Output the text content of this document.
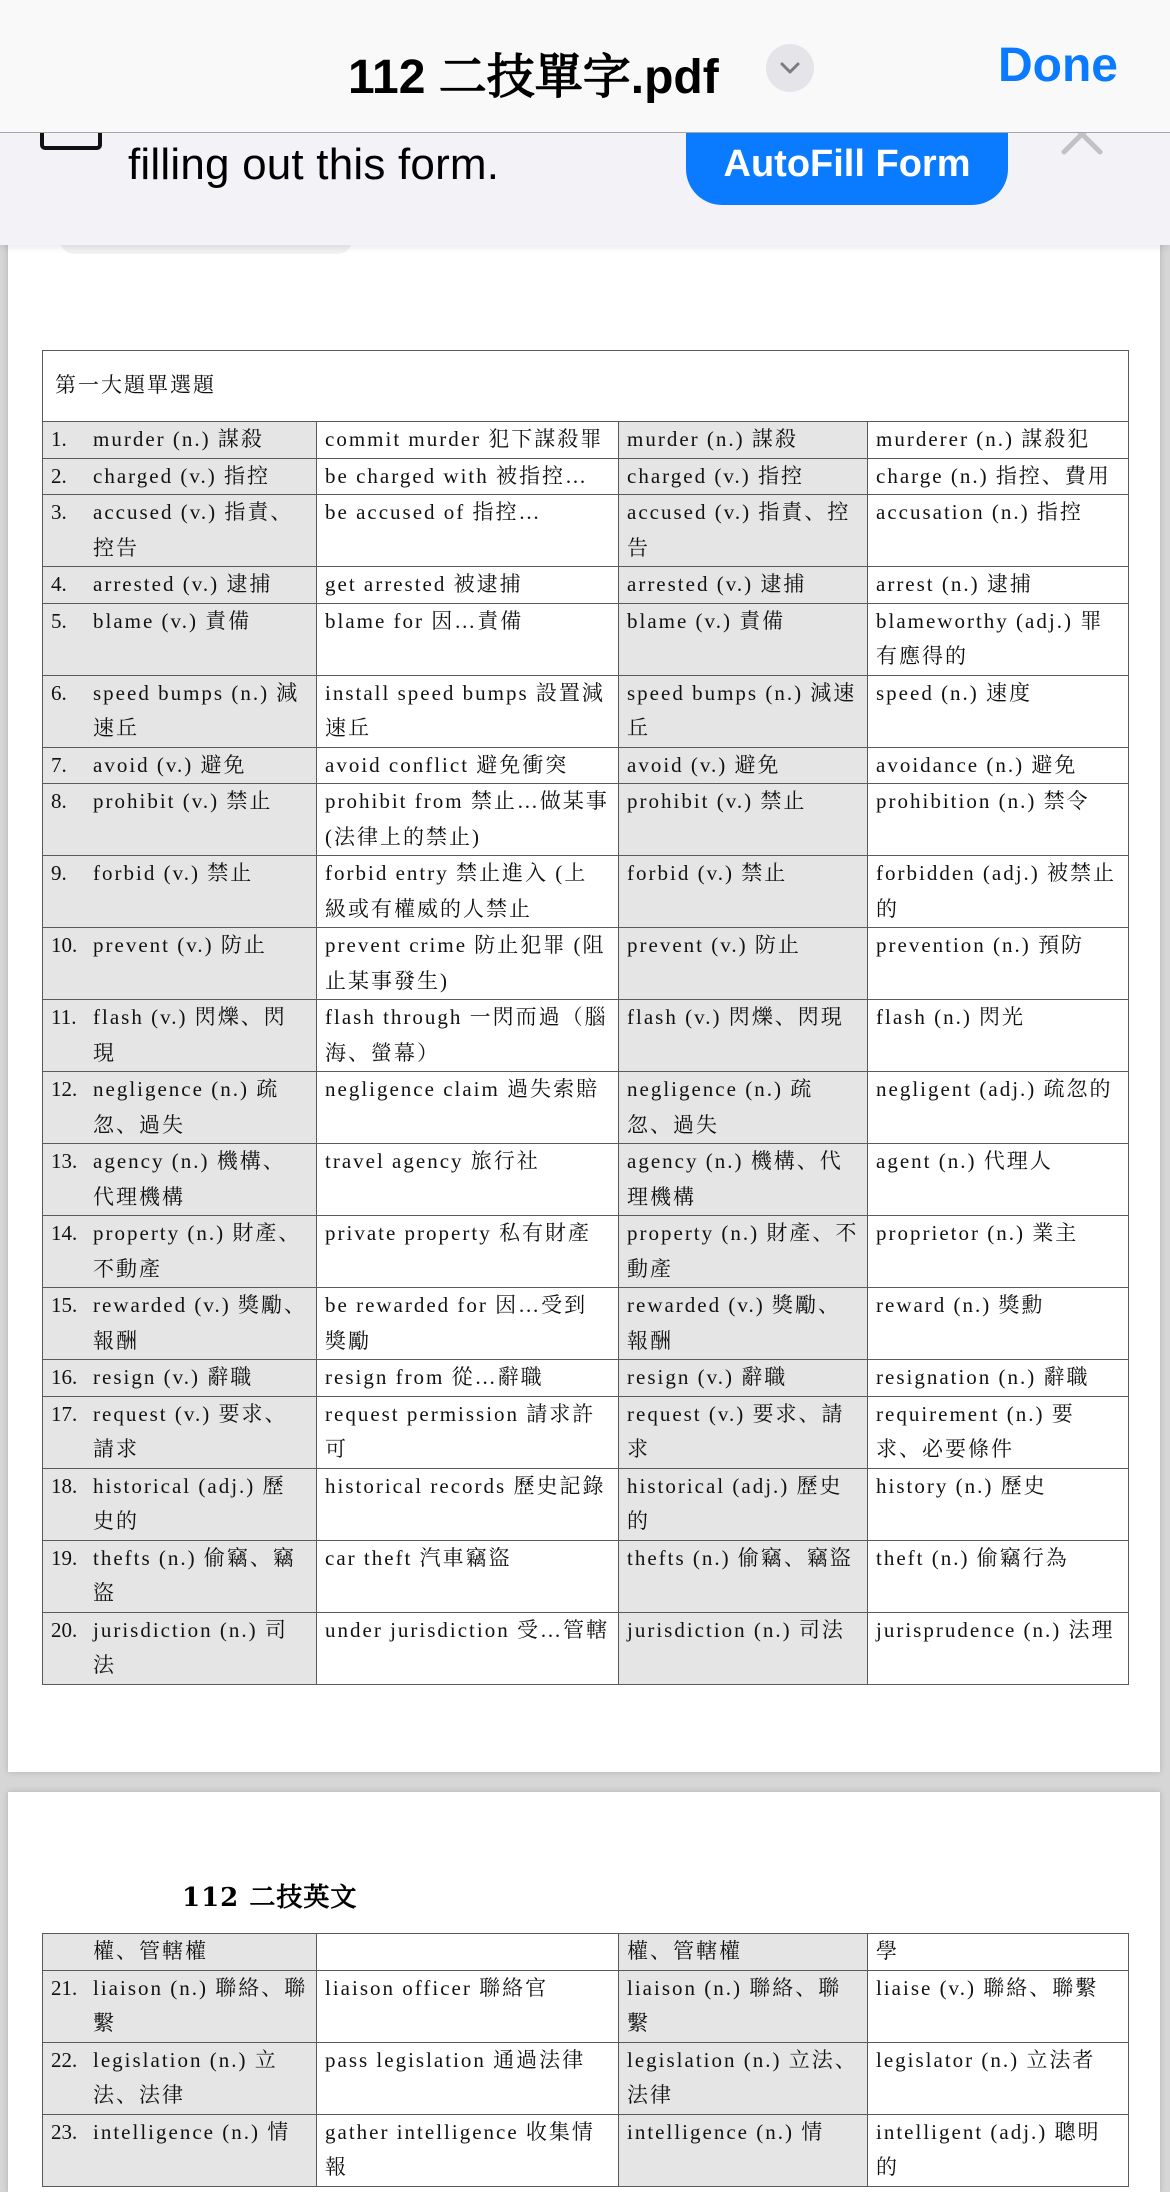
第一大題單選題			

1. murder (n.) 謀殺	commit murder 犯下謀殺罪	murder (n.) 謀殺	murderer (n.) 謀殺犯

2. charged (v.) 指控	be charged with 被指控…	charged (v.) 指控	charge (n.) 指控、費用

3. accused (v.) 指責、控告	be accused of 指控…	accused (v.) 指責、控告	accusation (n.) 指控

4. arrested (v.) 逮捕	get arrested 被逮捕	arrested (v.) 逮捕	arrest (n.) 逮捕

5. blame (v.) 責備	blame for 因…責備	blame (v.) 責備	blameworthy (adj.) 罪有應得的

6. speed bumps (n.) 減速丘	install speed bumps 設置減速丘	speed bumps (n.) 減速丘	speed (n.) 速度

7. avoid (v.) 避免	avoid conflict 避免衝突	avoid (v.) 避免	avoidance (n.) 避免

8. prohibit (v.) 禁止	prohibit from 禁止…做某事 (法律上的禁止)	prohibit (v.) 禁止	prohibition (n.) 禁令

9. forbid (v.) 禁止	forbid entry 禁止進入 (上級或有權威的人禁止	forbid (v.) 禁止	forbidden (adj.) 被禁止的

10. prevent (v.) 防止	prevent crime 防止犯罪 (阻止某事發生)	prevent (v.) 防止	prevention (n.) 預防

11. flash (v.) 閃爍、閃現	flash through 一閃而過（腦海、螢幕）	flash (v.) 閃爍、閃現	flash (n.) 閃光

12. negligence (n.) 疏忽、過失	negligence claim 過失索賠	negligence (n.) 疏忽、過失	negligent (adj.) 疏忽的

13. agency (n.) 機構、代理機構	travel agency 旅行社	agency (n.) 機構、代理機構	agent (n.) 代理人

14. property (n.) 財產、不動產	private property 私有財產	property (n.) 財產、不動產	proprietor (n.) 業主

15. rewarded (v.) 獎勵、報酬	be rewarded for 因…受到獎勵	rewarded (v.) 獎勵、報酬	reward (n.) 獎勳

16. resign (v.) 辭職	resign from 從…辭職	resign (v.) 辭職	resignation (n.) 辭職

17. request (v.) 要求、請求	request permission 請求許可	request (v.) 要求、請求	requirement (n.) 要求、必要條件

18. historical (adj.) 歷史的	historical records 歷史記錄	historical (adj.) 歷史的	history (n.) 歷史

19. thefts (n.) 偷竊、竊盜	car theft 汽車竊盜	thefts (n.) 偷竊、竊盜	theft (n.) 偷竊行為

20. jurisdiction (n.) 司法	under jurisdiction 受…管轄	jurisdiction (n.) 司法	jurisprudence (n.) 法理
112 二技英文
權、管轄權		權、管轄權	學

21. liaison (n.) 聯絡、聯繫	liaison officer 聯絡官	liaison (n.) 聯絡、聯繫	liaise (v.) 聯絡、聯繫

22. legislation (n.) 立法、法律	pass legislation 通過法律	legislation (n.) 立法、法律	legislator (n.) 立法者

23. intelligence (n.) 情	gather intelligence 收集情報	intelligence (n.) 情	intelligent (adj.) 聰明的
filling out this form.	AutoFill Form
112 二技單字.pdf	Done
